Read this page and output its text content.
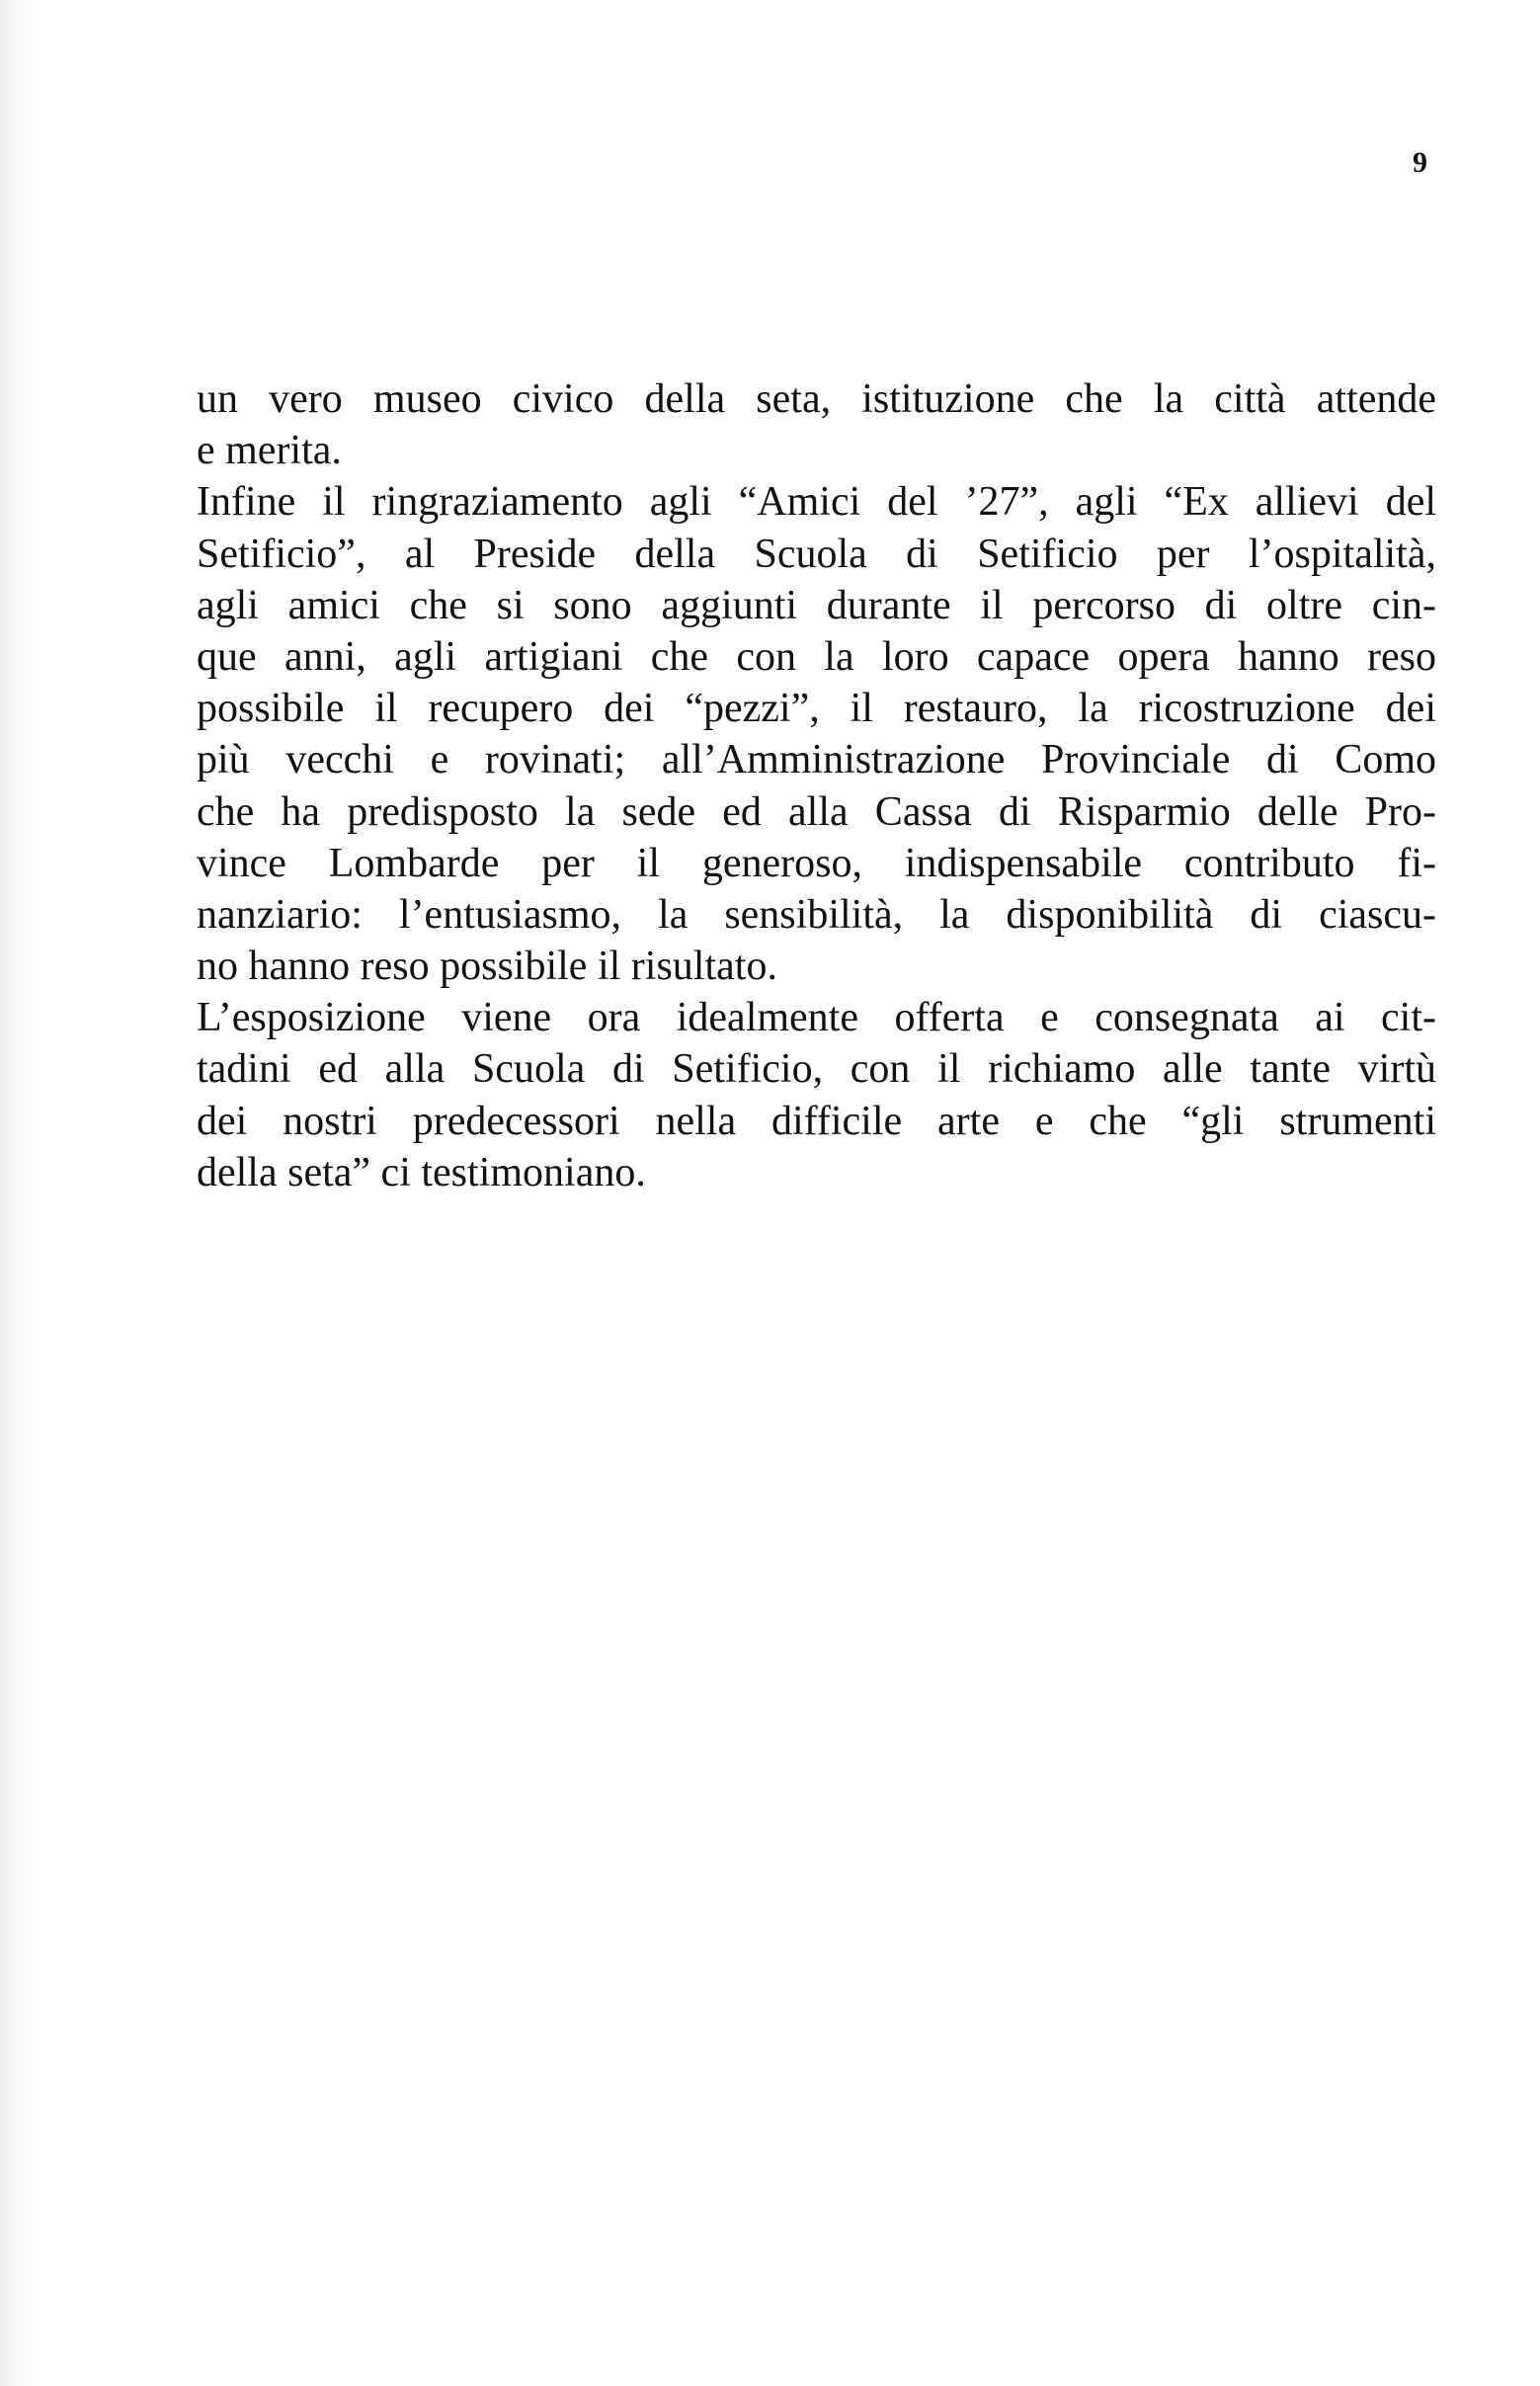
9
un vero museo civico della seta, istituzione che la città attende
e merita.
Infine il ringraziamento agli “Amici del ’27”, agli “Ex allievi del
Setificio”, al Preside della Scuola di Setificio per l’ospitalità,
agli amici che si sono aggiunti durante il percorso di oltre cin-
que anni, agli artigiani che con la loro capace opera hanno reso
possibile il recupero dei “pezzi”, il restauro, la ricostruzione dei
più vecchi e rovinati; all’Amministrazione Provinciale di Como
che ha predisposto la sede ed alla Cassa di Risparmio delle Pro-
vince Lombarde per il generoso, indispensabile contributo fi-
nanziario: l’entusiasmo, la sensibilità, la disponibilità di ciascu-
no hanno reso possibile il risultato.
L’esposizione viene ora idealmente offerta e consegnata ai cit-
tadini ed alla Scuola di Setificio, con il richiamo alle tante virtù
dei nostri predecessori nella difficile arte e che “gli strumenti
della seta” ci testimoniano.
